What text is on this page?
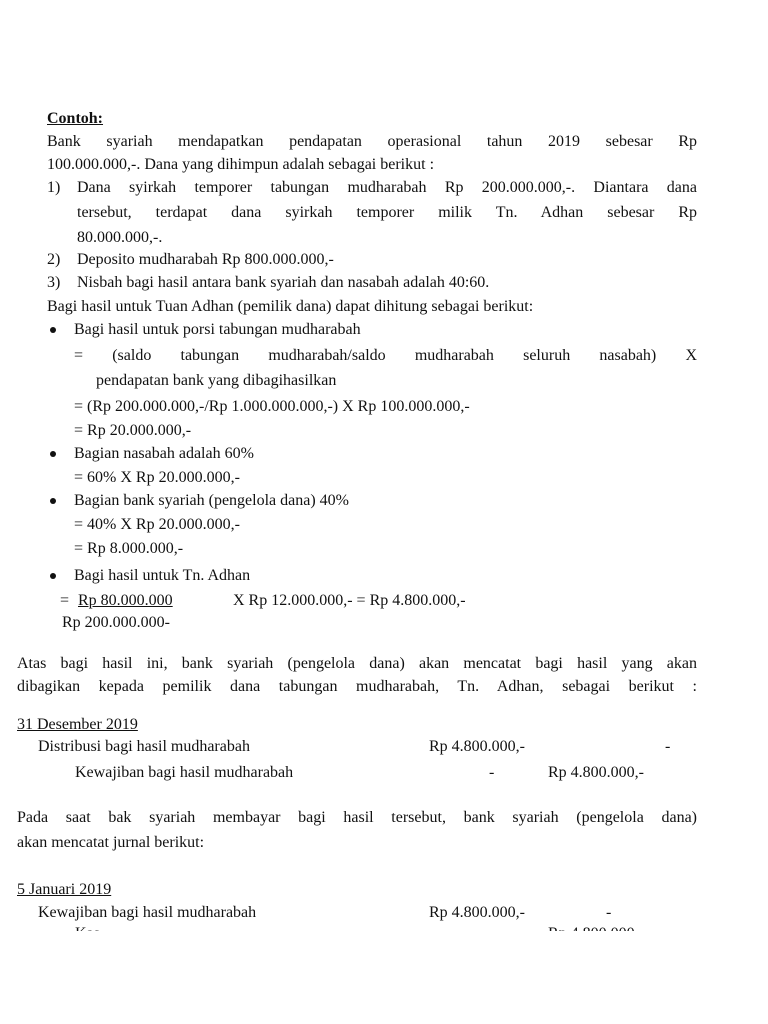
Contoh:
Bank syariah mendapatkan pendapatan operasional tahun 2019 sebesar Rp
100.000.000,-. Dana yang dihimpun adalah sebagai berikut :
1) Dana syirkah temporer tabungan mudharabah Rp 200.000.000,-. Diantara dana
tersebut, terdapat dana syirkah temporer milik Tn. Adhan sebesar Rp
80.000.000,-.
2) Deposito mudharabah Rp 800.000.000,-
3) Nisbah bagi hasil antara bank syariah dan nasabah adalah 40:60.
Bagi hasil untuk Tuan Adhan (pemilik dana) dapat dihitung sebagai berikut:
Bagi hasil untuk porsi tabungan mudharabah
= (saldo tabungan mudharabah/saldo mudharabah seluruh nasabah) X
pendapatan bank yang dibagihasilkan
= (Rp 200.000.000,-/Rp 1.000.000.000,-) X Rp 100.000.000,-
= Rp 20.000.000,-
Bagian nasabah adalah 60%
= 60% X Rp 20.000.000,-
Bagian bank syariah (pengelola dana) 40%
= 40% X Rp 20.000.000,-
= Rp 8.000.000,-
Bagi hasil untuk Tn. Adhan
= Rp 80.000.000	X Rp 12.000.000,- = Rp 4.800.000,-
Rp 200.000.000-
Atas bagi hasil ini, bank syariah (pengelola dana) akan mencatat bagi hasil yang akan
dibagikan kepada pemilik dana tabungan mudharabah, Tn. Adhan, sebagai berikut :
31 Desember 2019
Distribusi bagi hasil mudharabah	Rp 4.800.000,-	-
Kewajiban bagi hasil mudharabah	-	Rp 4.800.000,-
Pada saat bak syariah membayar bagi hasil tersebut, bank syariah (pengelola dana)
akan mencatat jurnal berikut:
5 Januari 2019
Kewajiban bagi hasil mudharabah	Rp 4.800.000,-	-
